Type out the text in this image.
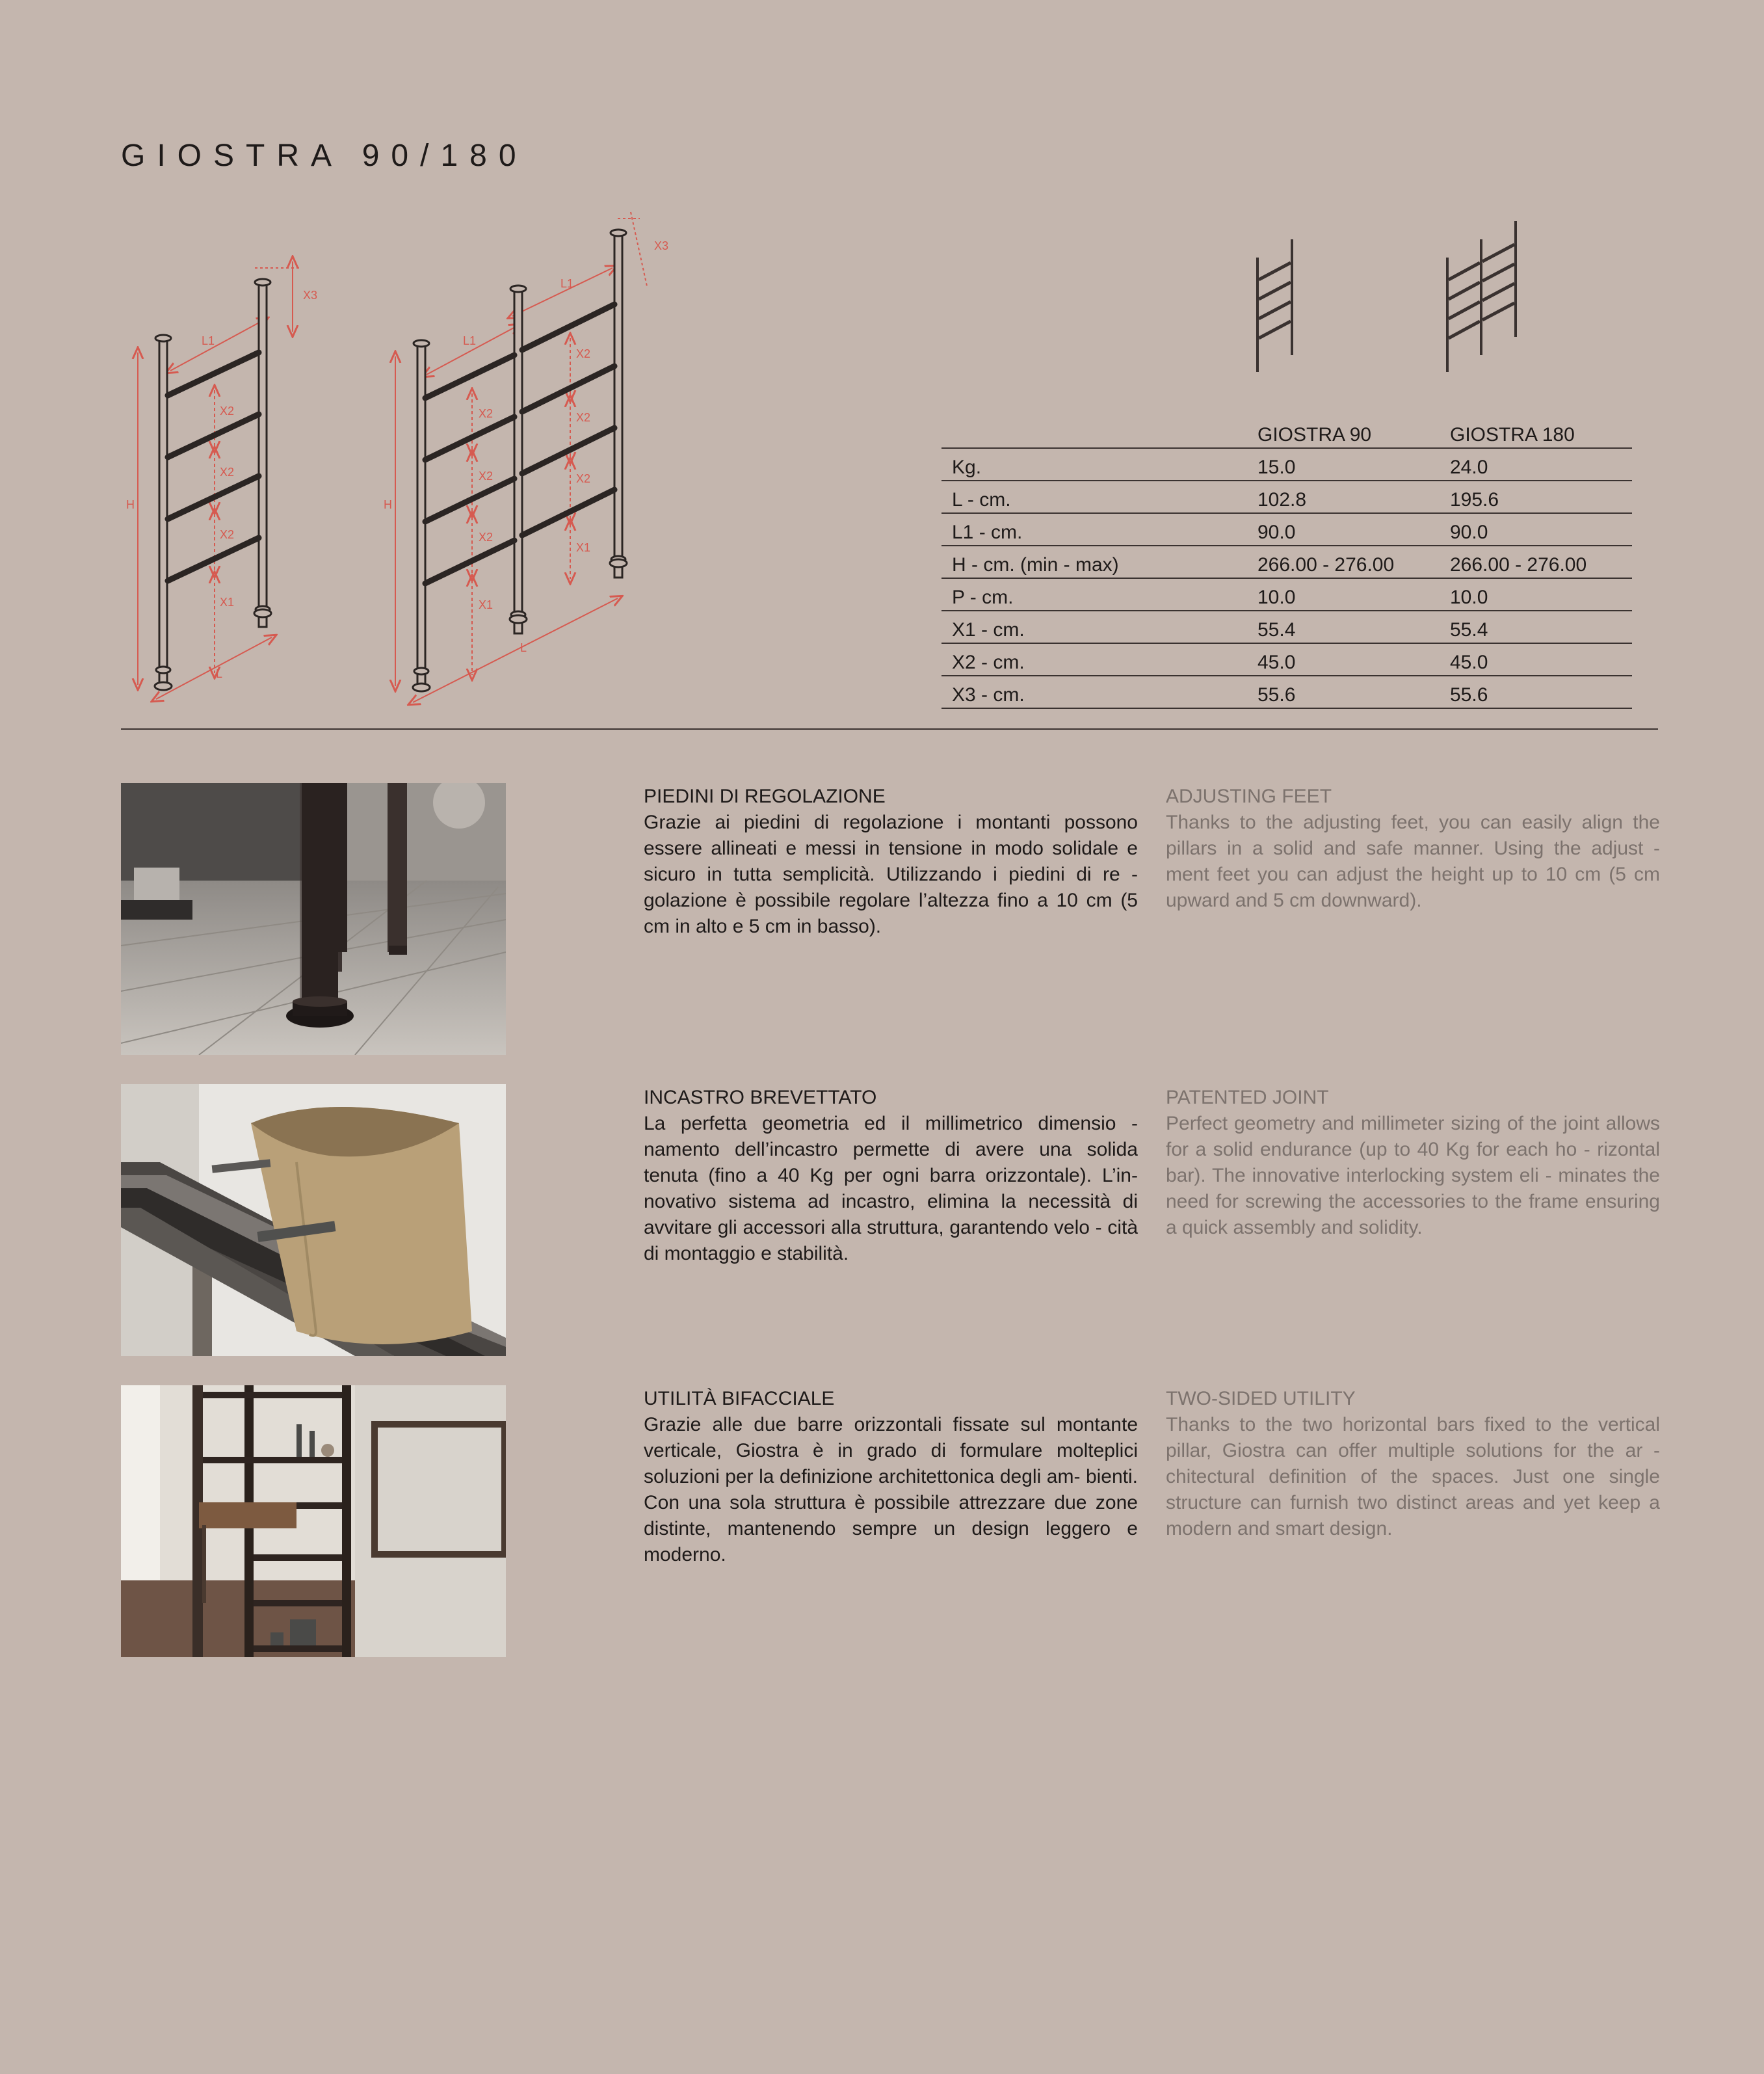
GIOSTRA 90/180
L1
X3
X2
X2
X2
X1
H
L
L1
L1
X3
X2
X2
X2
X1
X2
X2
X2
X1
H
L
	GIOSTRA 90	GIOSTRA 180
Kg.	15.0	24.0
L - cm.	102.8	195.6
L1 - cm.	90.0	90.0
H - cm. (min - max)	266.00 - 276.00	266.00 - 276.00
P - cm.	10.0	10.0
X1 - cm.	55.4	55.4
X2 - cm.	45.0	45.0
X3 - cm.	55.6	55.6
PIEDINI DI REGOLAZIONE

Grazie ai piedini di regolazione i montanti possono essere allineati e messi in tensione in modo solidale e sicuro in tutta semplicità. Utilizzando i piedini di re - golazione è possibile regolare l’altezza fino a 10 cm (5 cm in alto e 5 cm in basso).

ADJUSTING FEET

Thanks to the adjusting feet, you can easily align the pillars in a solid and safe manner. Using the adjust - ment feet you can adjust the height up to 10 cm (5 cm upward and 5 cm downward).

INCASTRO BREVETTATO

La perfetta geometria ed il millimetrico dimensio - namento dell’incastro permette di avere una solida tenuta (fino a 40 Kg per ogni barra orizzontale). L’in- novativo sistema ad incastro, elimina la necessità di avvitare gli accessori alla struttura, garantendo velo - cità di montaggio e stabilità.

PATENTED JOINT

Perfect geometry and millimeter sizing of the joint allows for a solid endurance (up to 40 Kg for each ho - rizontal bar). The innovative interlocking system eli - minates the need for screwing the accessories to the frame ensuring a quick assembly and solidity.

UTILITÀ BIFACCIALE

Grazie alle due barre orizzontali fissate sul montante verticale, Giostra è in grado di formulare molteplici soluzioni per la definizione architettonica degli am- bienti. Con una sola struttura è possibile attrezzare due zone distinte, mantenendo sempre un design leggero e moderno.

TWO-SIDED UTILITY

Thanks to the two horizontal bars fixed to the vertical pillar, Giostra can offer multiple solutions for the ar - chitectural definition of the spaces. Just one single structure can furnish two distinct areas and yet keep a modern and smart design.
